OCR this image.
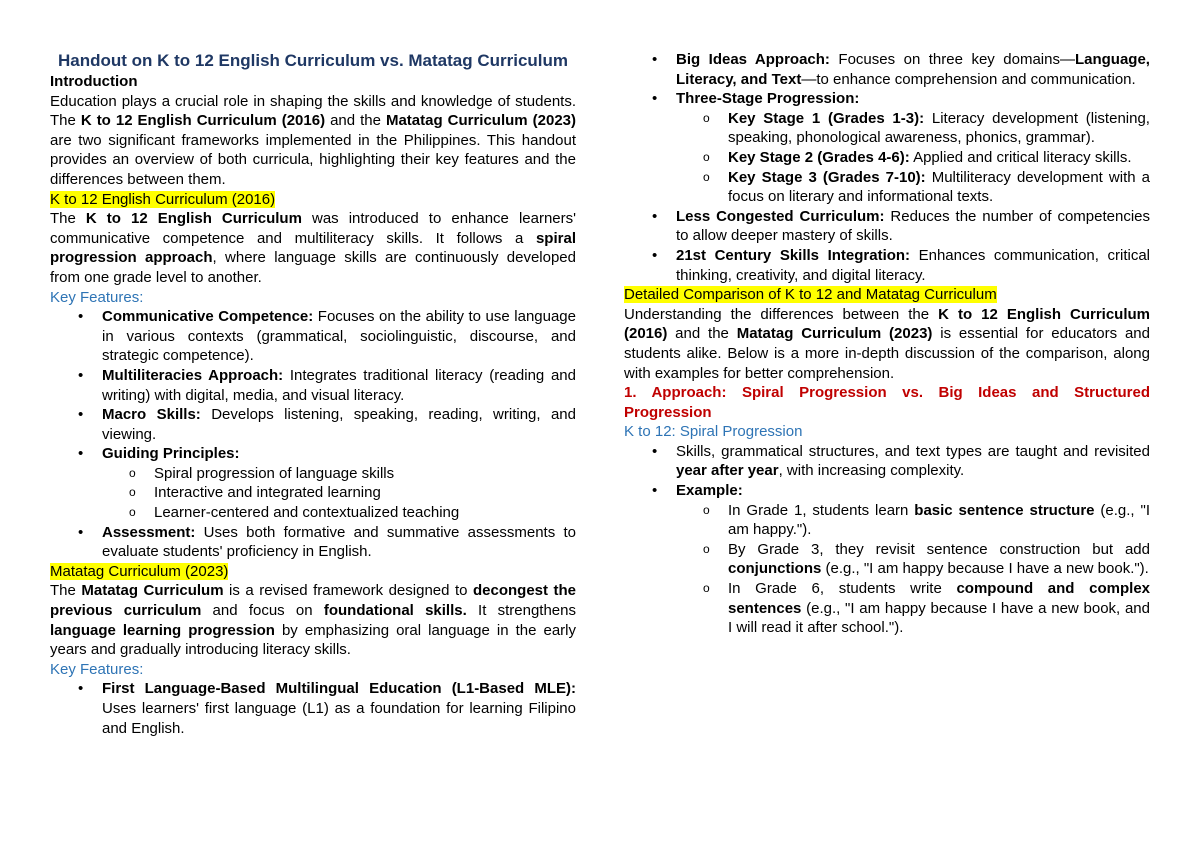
Handout on K to 12 English Curriculum vs. Matatag Curriculum

Introduction

Education plays a crucial role in shaping the skills and knowledge of students. The K to 12 English Curriculum (2016) and the Matatag Curriculum (2023) are two significant frameworks implemented in the Philippines. This handout provides an overview of both curricula, highlighting their key features and the differences between them.

K to 12 English Curriculum (2016)

The K to 12 English Curriculum was introduced to enhance learners' communicative competence and multiliteracy skills. It follows a spiral progression approach, where language skills are continuously developed from one grade level to another.

Key Features:

• Communicative Competence: Focuses on the ability to use language in various contexts (grammatical, sociolinguistic, discourse, and strategic competence).
• Multiliteracies Approach: Integrates traditional literacy (reading and writing) with digital, media, and visual literacy.
• Macro Skills: Develops listening, speaking, reading, writing, and viewing.
• Guiding Principles:
o Spiral progression of language skills
o Interactive and integrated learning
o Learner-centered and contextualized teaching
• Assessment: Uses both formative and summative assessments to evaluate students' proficiency in English.

Matatag Curriculum (2023)

The Matatag Curriculum is a revised framework designed to decongest the previous curriculum and focus on foundational skills. It strengthens language learning progression by emphasizing oral language in the early years and gradually introducing literacy skills.

Key Features:

• First Language-Based Multilingual Education (L1-Based MLE): Uses learners' first language (L1) as a foundation for learning Filipino and English.
• Big Ideas Approach: Focuses on three key domains—Language, Literacy, and Text—to enhance comprehension and communication.
• Three-Stage Progression:
o Key Stage 1 (Grades 1-3): Literacy development (listening, speaking, phonological awareness, phonics, grammar).
o Key Stage 2 (Grades 4-6): Applied and critical literacy skills.
o Key Stage 3 (Grades 7-10): Multiliteracy development with a focus on literary and informational texts.
• Less Congested Curriculum: Reduces the number of competencies to allow deeper mastery of skills.
• 21st Century Skills Integration: Enhances communication, critical thinking, creativity, and digital literacy.

Detailed Comparison of K to 12 and Matatag Curriculum

Understanding the differences between the K to 12 English Curriculum (2016) and the Matatag Curriculum (2023) is essential for educators and students alike. Below is a more in-depth discussion of the comparison, along with examples for better comprehension.

1. Approach: Spiral Progression vs. Big Ideas and Structured Progression

K to 12: Spiral Progression

• Skills, grammatical structures, and text types are taught and revisited year after year, with increasing complexity.
• Example:
o In Grade 1, students learn basic sentence structure (e.g., "I am happy.").
o By Grade 3, they revisit sentence construction but add conjunctions (e.g., "I am happy because I have a new book.").
o In Grade 6, students write compound and complex sentences (e.g., "I am happy because I have a new book, and I will read it after school.").
